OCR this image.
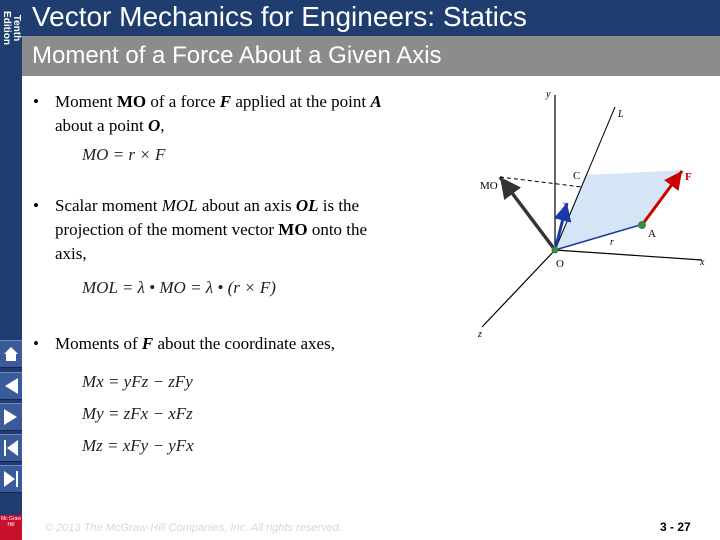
Tenth
Edition Vector Mechanics for Engineers: Statics
Moment of a Force About a Given Axis
• Moment MO of a force F applied at the point A
about a point O,
MO = r × F
• Scalar moment MOL about an axis OL is the
projection of the moment vector MO onto the
axis,
MOL = λ • MO = λ • (r × F)
• Moments of F about the coordinate axes,
Mx = yFz − zFy
My = zFx − xFz
Mz = xFy − yFx
y
L
C	F
MO
λ
r
A
O	x
z
Mc Graw Hill	© 2013 The McGraw-Hill Companies, Inc. All rights reserved.	3 - 27
